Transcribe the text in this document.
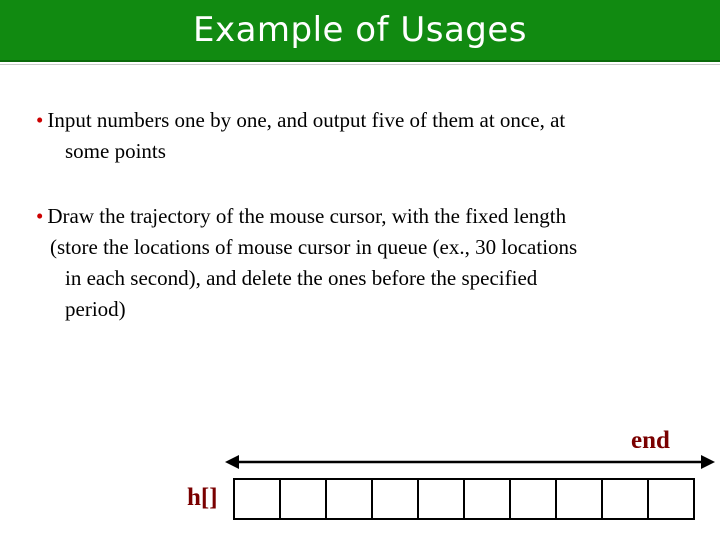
Example of Usages
• Input numbers one by one, and output five of them at once, at
some points
• Draw the trajectory of the mouse cursor, with the fixed length
(store the locations of mouse cursor in queue (ex., 30 locations
in each second), and delete the ones before the specified
period)
end
h[]
